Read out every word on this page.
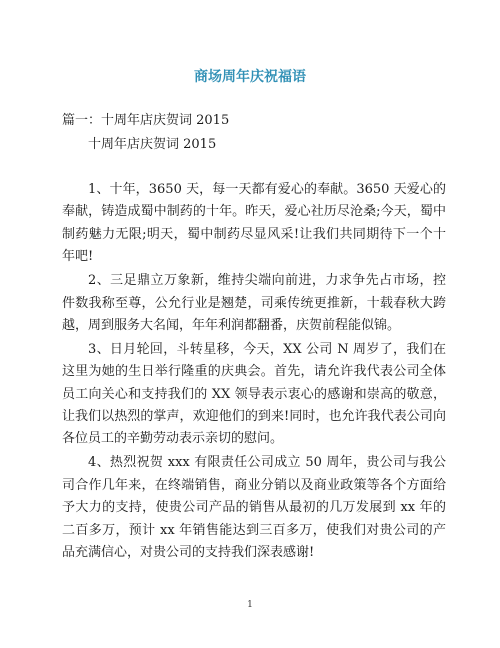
商场周年庆祝福语
篇一：十周年店庆贺词 2015
十周年店庆贺词 2015

1、十年，3650 天，每一天都有爱心的奉献。3650 天爱心的奉献，铸造成蜀中制药的十年。昨天，爱心社历尽沧桑;今天，蜀中制药魅力无限;明天，蜀中制药尽显风采!让我们共同期待下一个十年吧!

2、三足鼎立万象新，维持尖端向前进，力求争先占市场，控件数我称至尊，公允行业是翘楚，司乘传统更推新，十载春秋大跨越，周到服务大名闻，年年利润都翻番，庆贺前程能似锦。

3、日月轮回，斗转星移，今天，XX 公司 N 周岁了，我们在这里为她的生日举行隆重的庆典会。首先，请允许我代表公司全体员工向关心和支持我们的 XX 领导表示衷心的感谢和崇高的敬意，让我们以热烈的掌声，欢迎他们的到来!同时，也允许我代表公司向各位员工的辛勤劳动表示亲切的慰问。

4、热烈祝贺 xxx 有限责任公司成立 50 周年，贵公司与我公司合作几年来，在终端销售，商业分销以及商业政策等各个方面给予大力的支持，使贵公司产品的销售从最初的几万发展到 xx 年的二百多万，预计 xx 年销售能达到三百多万，使我们对贵公司的产品充满信心，对贵公司的支持我们深表感谢!

1
